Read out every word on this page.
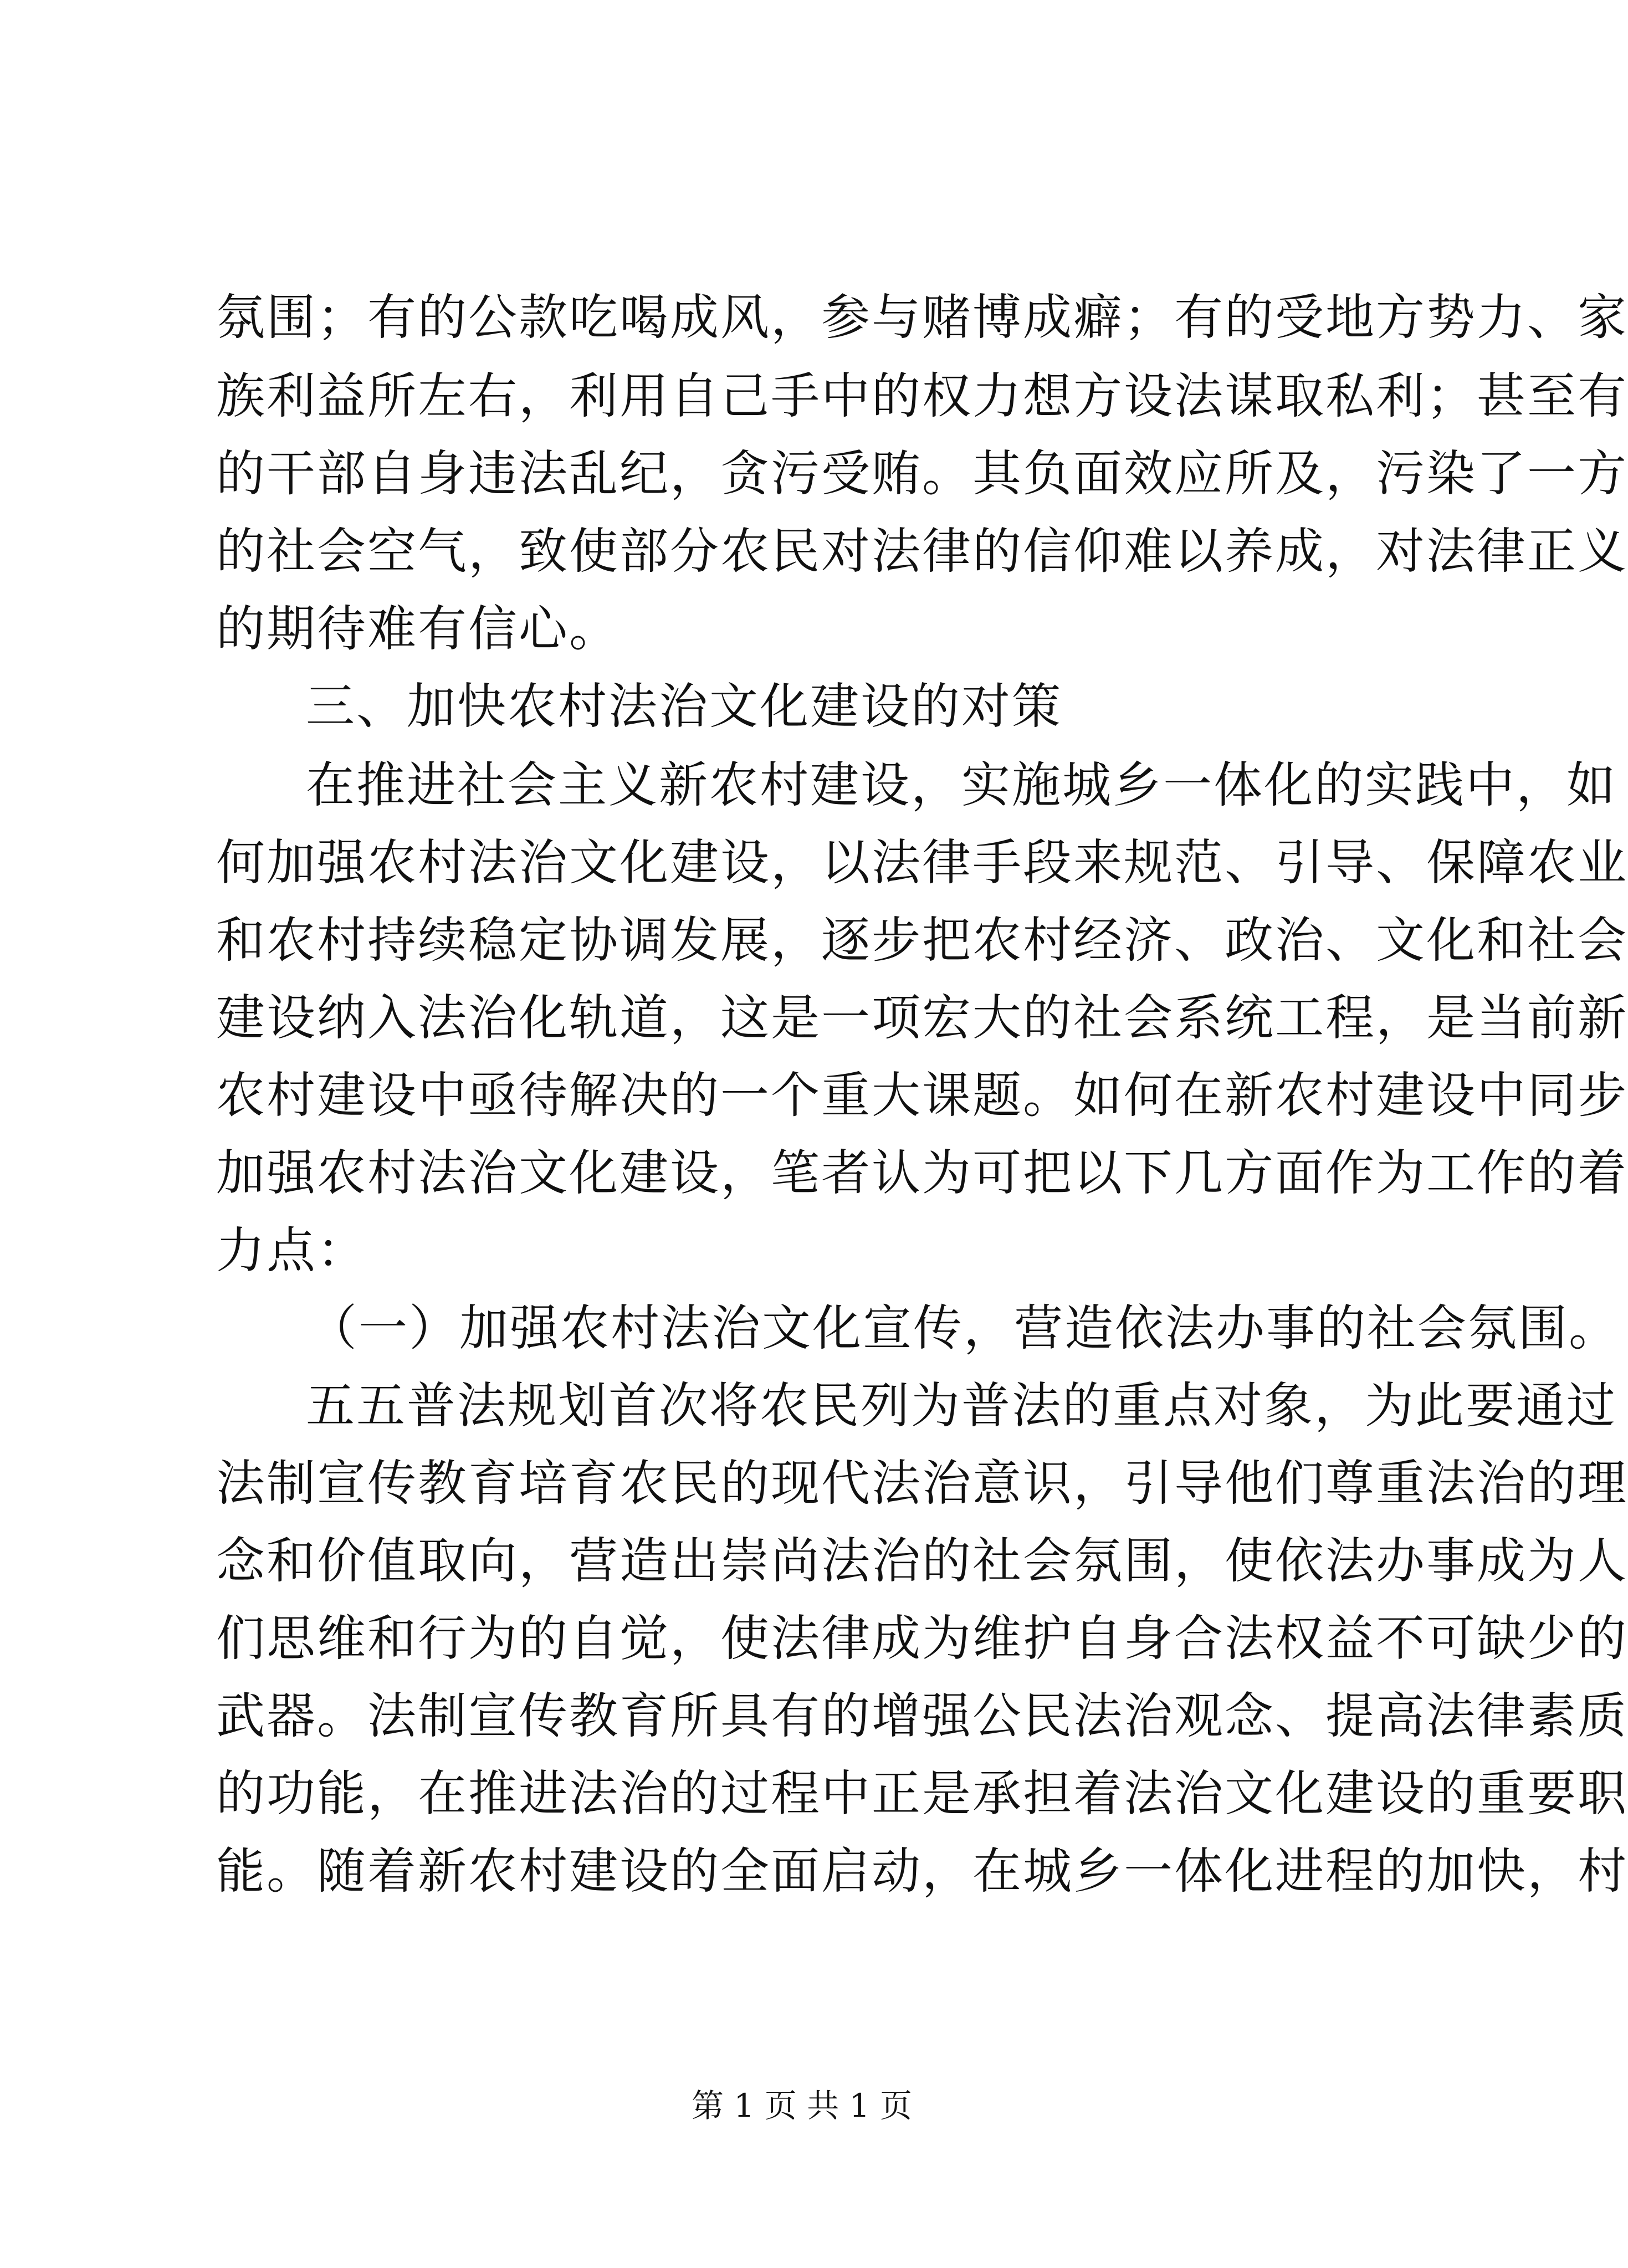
氛围；有的公款吃喝成风，参与赌博成癖；有的受地方势力、家
族利益所左右，利用自己手中的权力想方设法谋取私利；甚至有
的干部自身违法乱纪，贪污受贿。其负面效应所及，污染了一方
的社会空气，致使部分农民对法律的信仰难以养成，对法律正义
的期待难有信心。
三、加快农村法治文化建设的对策
在推进社会主义新农村建设，实施城乡一体化的实践中，如
何加强农村法治文化建设，以法律手段来规范、引导、保障农业
和农村持续稳定协调发展，逐步把农村经济、政治、文化和社会
建设纳入法治化轨道，这是一项宏大的社会系统工程，是当前新
农村建设中亟待解决的一个重大课题。如何在新农村建设中同步
加强农村法治文化建设，笔者认为可把以下几方面作为工作的着
力点：
（一）加强农村法治文化宣传，营造依法办事的社会氛围。
五五普法规划首次将农民列为普法的重点对象，为此要通过
法制宣传教育培育农民的现代法治意识，引导他们尊重法治的理
念和价值取向，营造出崇尚法治的社会氛围，使依法办事成为人
们思维和行为的自觉，使法律成为维护自身合法权益不可缺少的
武器。法制宣传教育所具有的增强公民法治观念、提高法律素质
的功能，在推进法治的过程中正是承担着法治文化建设的重要职
能。随着新农村建设的全面启动，在城乡一体化进程的加快，村
第 1 页 共 1 页
